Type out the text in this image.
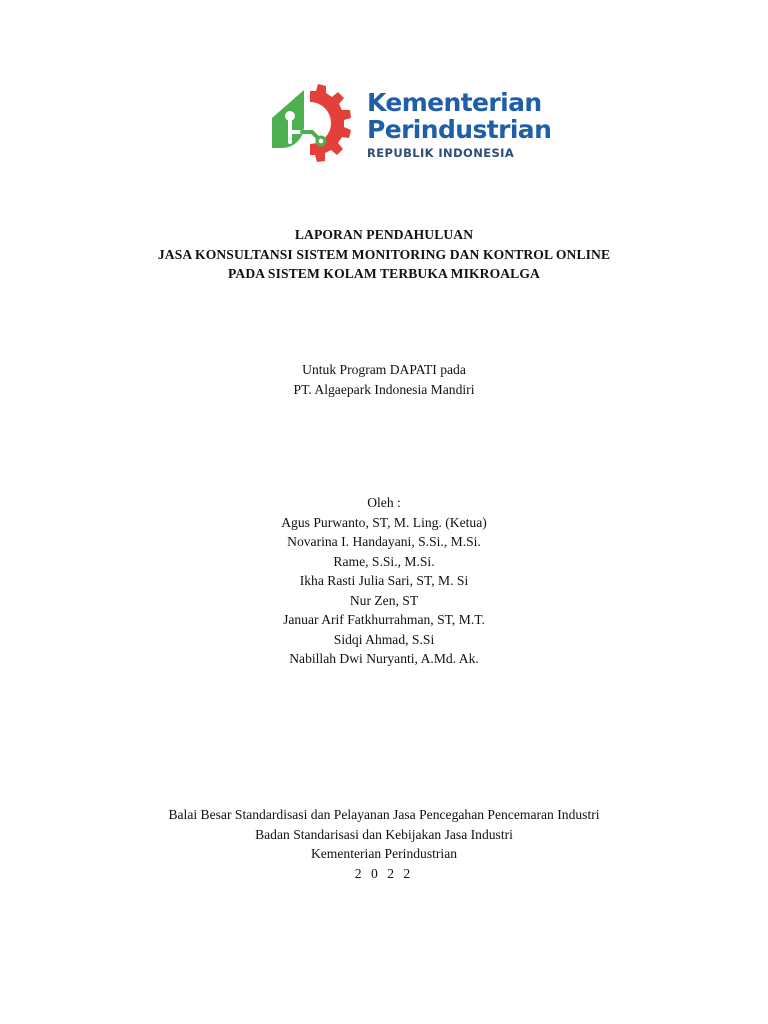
Kementerian
Perindustrian
REPUBLIK INDONESIA
LAPORAN PENDAHULUAN
JASA KONSULTANSI SISTEM MONITORING DAN KONTROL ONLINE
PADA SISTEM KOLAM TERBUKA MIKROALGA
Untuk Program DAPATI pada
PT. Algaepark Indonesia Mandiri
Oleh :
Agus Purwanto, ST, M. Ling. (Ketua)
Novarina I. Handayani, S.Si., M.Si.
Rame, S.Si., M.Si.
Ikha Rasti Julia Sari, ST, M. Si
Nur Zen, ST
Januar Arif Fatkhurrahman, ST, M.T.
Sidqi Ahmad, S.Si
Nabillah Dwi Nuryanti, A.Md. Ak.
Balai Besar Standardisasi dan Pelayanan Jasa Pencegahan Pencemaran Industri
Badan Standarisasi dan Kebijakan Jasa Industri
Kementerian Perindustrian
2 0 2 2
